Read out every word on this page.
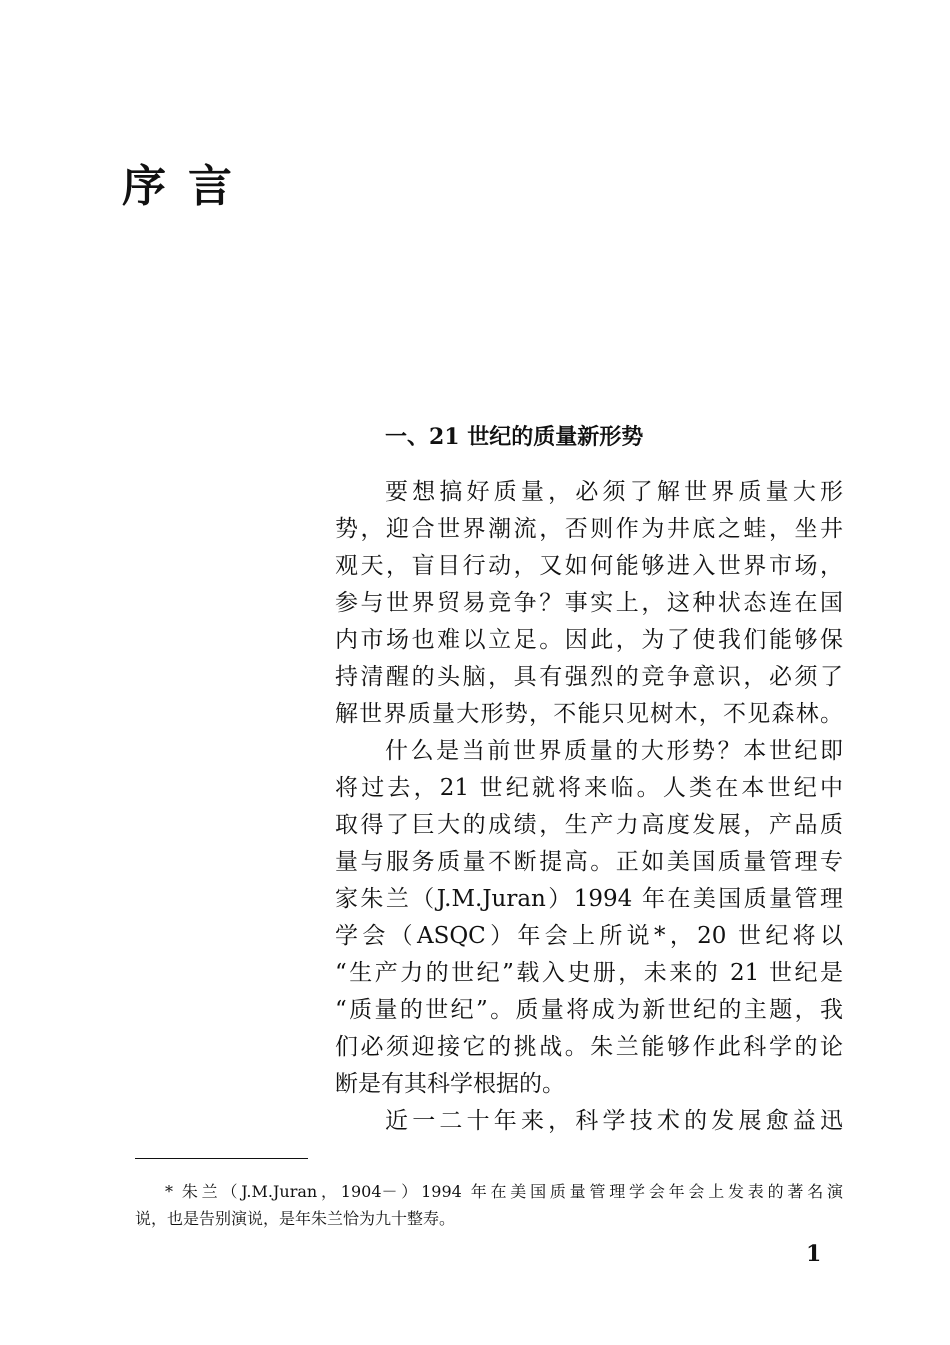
序言
一、21 世纪的质量新形势
要想搞好质量，必须了解世界质量大形
势，迎合世界潮流，否则作为井底之蛙，坐井
观天，盲目行动，又如何能够进入世界市场，
参与世界贸易竞争？事实上，这种状态连在国
内市场也难以立足。因此，为了使我们能够保
持清醒的头脑，具有强烈的竞争意识，必须了
解世界质量大形势，不能只见树木，不见森林。
什么是当前世界质量的大形势？本世纪即
将过去，21 世纪就将来临。人类在本世纪中
取得了巨大的成绩，生产力高度发展，产品质
量与服务质量不断提高。正如美国质量管理专
家朱兰（J.M.Juran）1994 年在美国质量管理
学会（ASQC）年会上所说*，20 世纪将以
“生产力的世纪”载入史册，未来的 21 世纪是
“质量的世纪”。质量将成为新世纪的主题，我
们必须迎接它的挑战。朱兰能够作此科学的论
断是有其科学根据的。
近一二十年来，科学技术的发展愈益迅
* 朱兰（J.M.Juran，1904－）1994 年在美国质量管理学会年会上发表的著名演
说，也是告别演说，是年朱兰恰为九十整寿。
1
